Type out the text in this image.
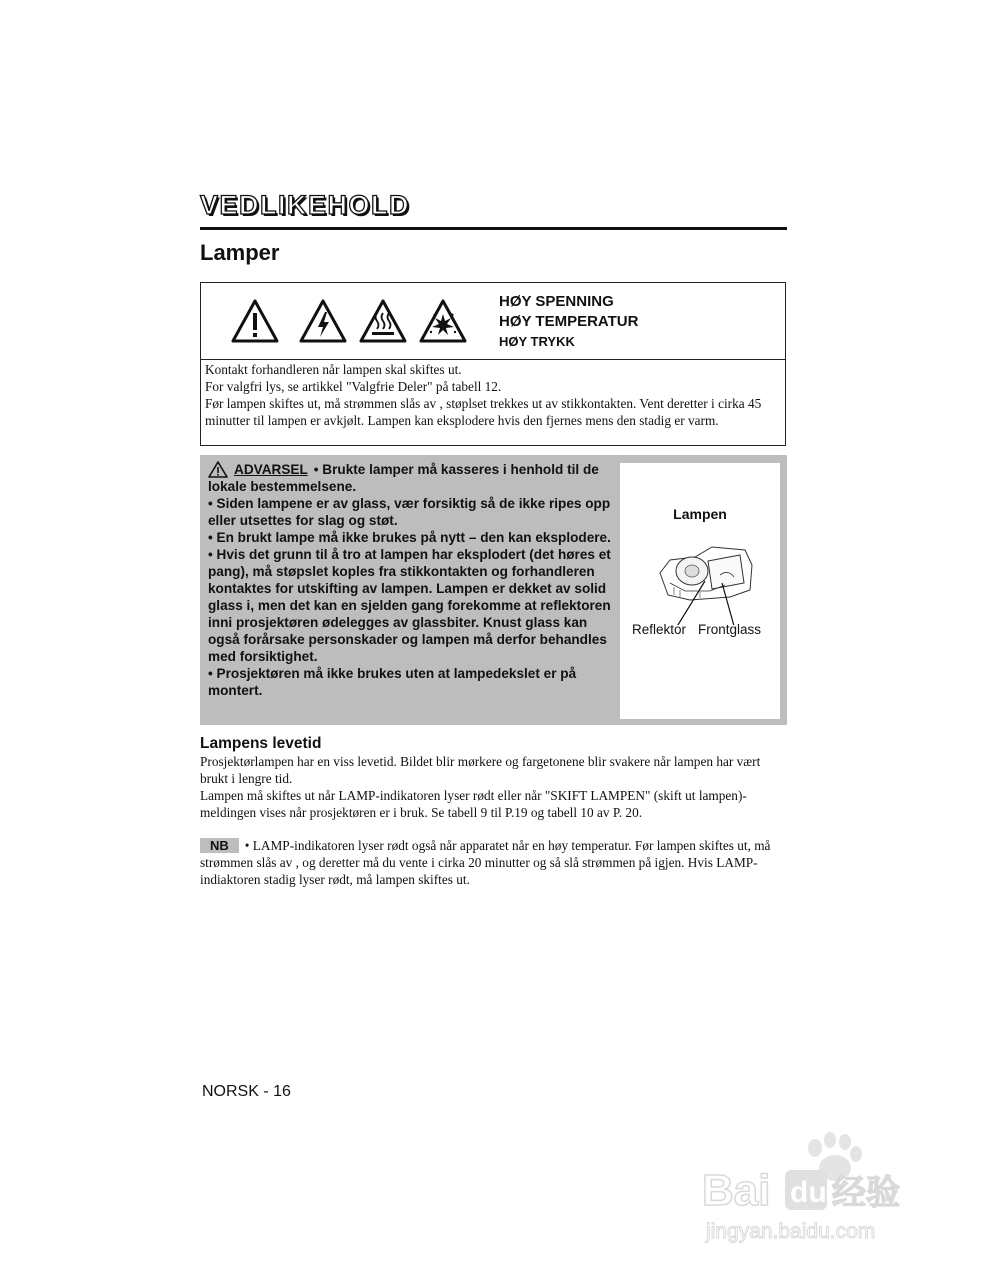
VEDLIKEHOLD
Lamper
HØY SPENNING
HØY TEMPERATUR
HØY TRYKK
Kontakt forhandleren når lampen skal skiftes ut.
For valgfri lys, se artikkel "Valgfrie Deler" på tabell 12.
Før lampen skiftes ut, må strømmen slås av , støplset trekkes ut av stikkontakten. Vent deretter i cirka 45 minutter til lampen er avkjølt. Lampen kan eksplodere hvis den fjernes mens den stadig er varm.

ADVARSEL • Brukte lamper må kasseres i henhold til de lokale bestemmelsene.

• Siden lampene er av glass, vær forsiktig så de ikke ripes opp eller utsettes for slag og støt.

• En brukt lampe må ikke brukes på nytt – den kan eksplodere.

• Hvis det grunn til å tro at lampen har eksplodert (det høres et pang), må støpslet koples fra stikkontakten og forhandleren kontaktes for utskifting av lampen. Lampen er dekket av solid glass i, men det kan en sjelden gang forekomme at reflektoren inni prosjektøren ødelegges av glassbiter. Knust glass kan også forårsake personskader og lampen må derfor behandles med forsiktighet.

• Prosjektøren må ikke brukes uten at lampedekslet er på montert.

Lampen
Reflektor Frontglass
Lampens levetid
Prosjektørlampen har en viss levetid. Bildet blir mørkere og fargetonene blir svakere når lampen har vært brukt i lengre tid.
Lampen må skiftes ut når LAMP-indikatoren lyser rødt eller når "SKIFT LAMPEN" (skift ut lampen)-meldingen vises når prosjektøren er i bruk. Se tabell 9 til P.19 og tabell 10 av P. 20.
NB • LAMP-indikatoren lyser rødt også når apparatet når en høy temperatur. Før lampen skiftes ut, må strømmen slås av , og deretter må du vente i cirka 20 minutter og så slå strømmen på igjen. Hvis LAMP-indiaktoren stadig lyser rødt, må lampen skiftes ut.
NORSK - 16
Bai du 经验
jingyan.baidu.com
